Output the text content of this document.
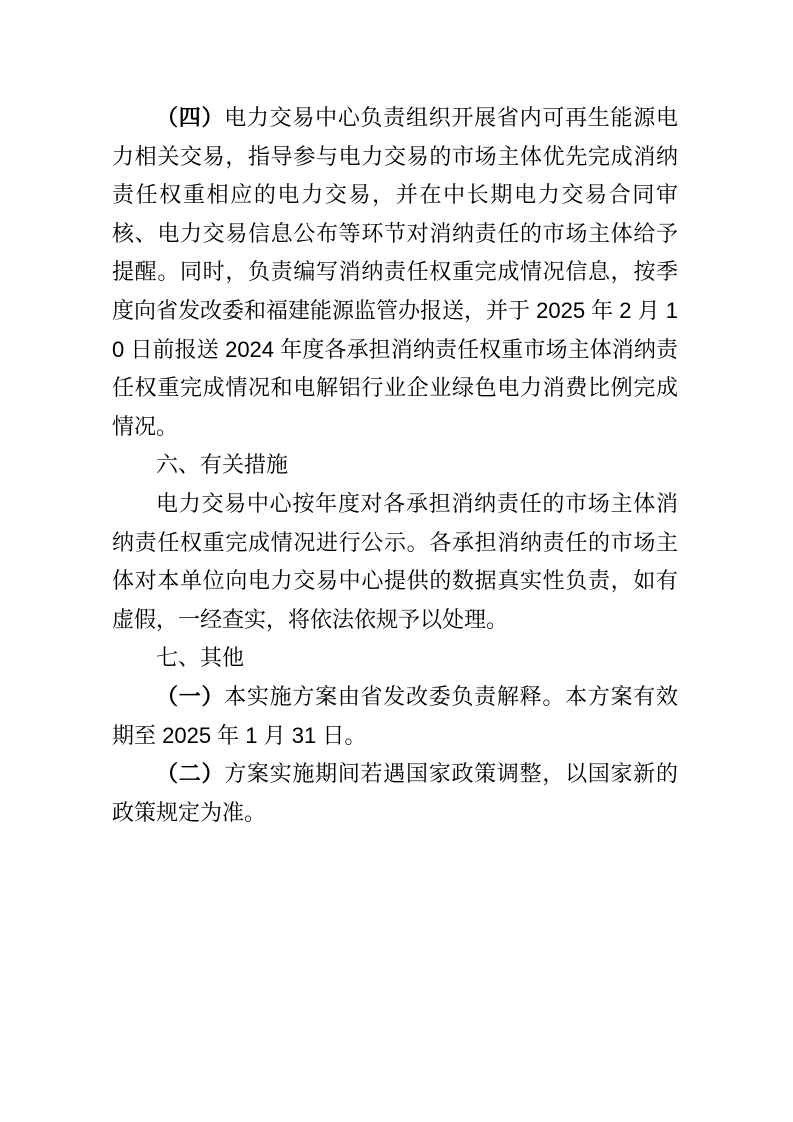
（四）电力交易中心负责组织开展省内可再生能源电力相关交易，指导参与电力交易的市场主体优先完成消纳责任权重相应的电力交易，并在中长期电力交易合同审核、电力交易信息公布等环节对消纳责任的市场主体给予提醒。同时，负责编写消纳责任权重完成情况信息，按季度向省发改委和福建能源监管办报送，并于 2025 年 2 月 10 日前报送 2024 年度各承担消纳责任权重市场主体消纳责任权重完成情况和电解铝行业企业绿色电力消费比例完成情况。

六、有关措施

电力交易中心按年度对各承担消纳责任的市场主体消纳责任权重完成情况进行公示。各承担消纳责任的市场主体对本单位向电力交易中心提供的数据真实性负责，如有虚假，一经查实，将依法依规予以处理。

七、其他

（一）本实施方案由省发改委负责解释。本方案有效期至 2025 年 1 月 31 日。

（二）方案实施期间若遇国家政策调整，以国家新的政策规定为准。
